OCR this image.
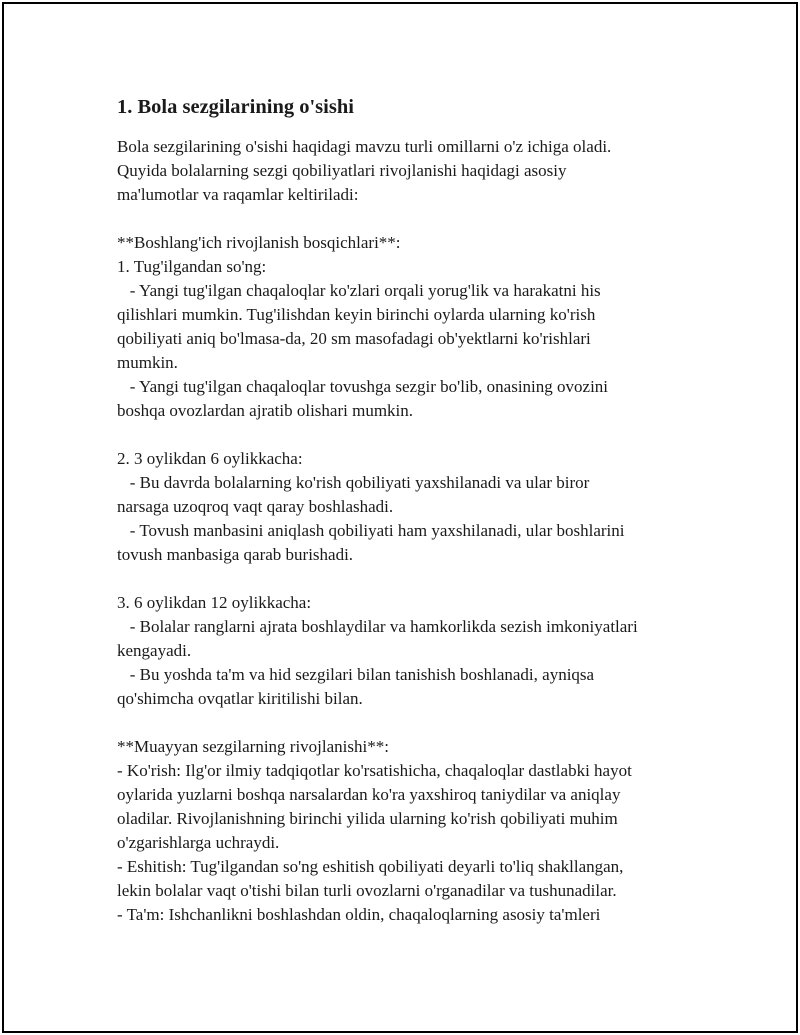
1. Bola sezgilarining o'sishi
Bola sezgilarining o'sishi haqidagi mavzu turli omillarni o'z ichiga oladi.
Quyida bolalarning sezgi qobiliyatlari rivojlanishi haqidagi asosiy
ma'lumotlar va raqamlar keltiriladi:
**Boshlang'ich rivojlanish bosqichlari**:
1. Tug'ilgandan so'ng:
- Yangi tug'ilgan chaqaloqlar ko'zlari orqali yorug'lik va harakatni his
qilishlari mumkin. Tug'ilishdan keyin birinchi oylarda ularning ko'rish
qobiliyati aniq bo'lmasa-da, 20 sm masofadagi ob'yektlarni ko'rishlari
mumkin.
- Yangi tug'ilgan chaqaloqlar tovushga sezgir bo'lib, onasining ovozini
boshqa ovozlardan ajratib olishari mumkin.
2. 3 oylikdan 6 oylikkacha:
- Bu davrda bolalarning ko'rish qobiliyati yaxshilanadi va ular biror
narsaga uzoqroq vaqt qaray boshlashadi.
- Tovush manbasini aniqlash qobiliyati ham yaxshilanadi, ular boshlarini
tovush manbasiga qarab burishadi.
3. 6 oylikdan 12 oylikkacha:
- Bolalar ranglarni ajrata boshlaydilar va hamkorlikda sezish imkoniyatlari
kengayadi.
- Bu yoshda ta'm va hid sezgilari bilan tanishish boshlanadi, ayniqsa
qo'shimcha ovqatlar kiritilishi bilan.
**Muayyan sezgilarning rivojlanishi**:
- Ko'rish: Ilg'or ilmiy tadqiqotlar ko'rsatishicha, chaqaloqlar dastlabki hayot
oylarida yuzlarni boshqa narsalardan ko'ra yaxshiroq taniydilar va aniqlay
oladilar. Rivojlanishning birinchi yilida ularning ko'rish qobiliyati muhim
o'zgarishlarga uchraydi.
- Eshitish: Tug'ilgandan so'ng eshitish qobiliyati deyarli to'liq shakllangan,
lekin bolalar vaqt o'tishi bilan turli ovozlarni o'rganadilar va tushunadilar.
- Ta'm: Ishchanlikni boshlashdan oldin, chaqaloqlarning asosiy ta'mleri
